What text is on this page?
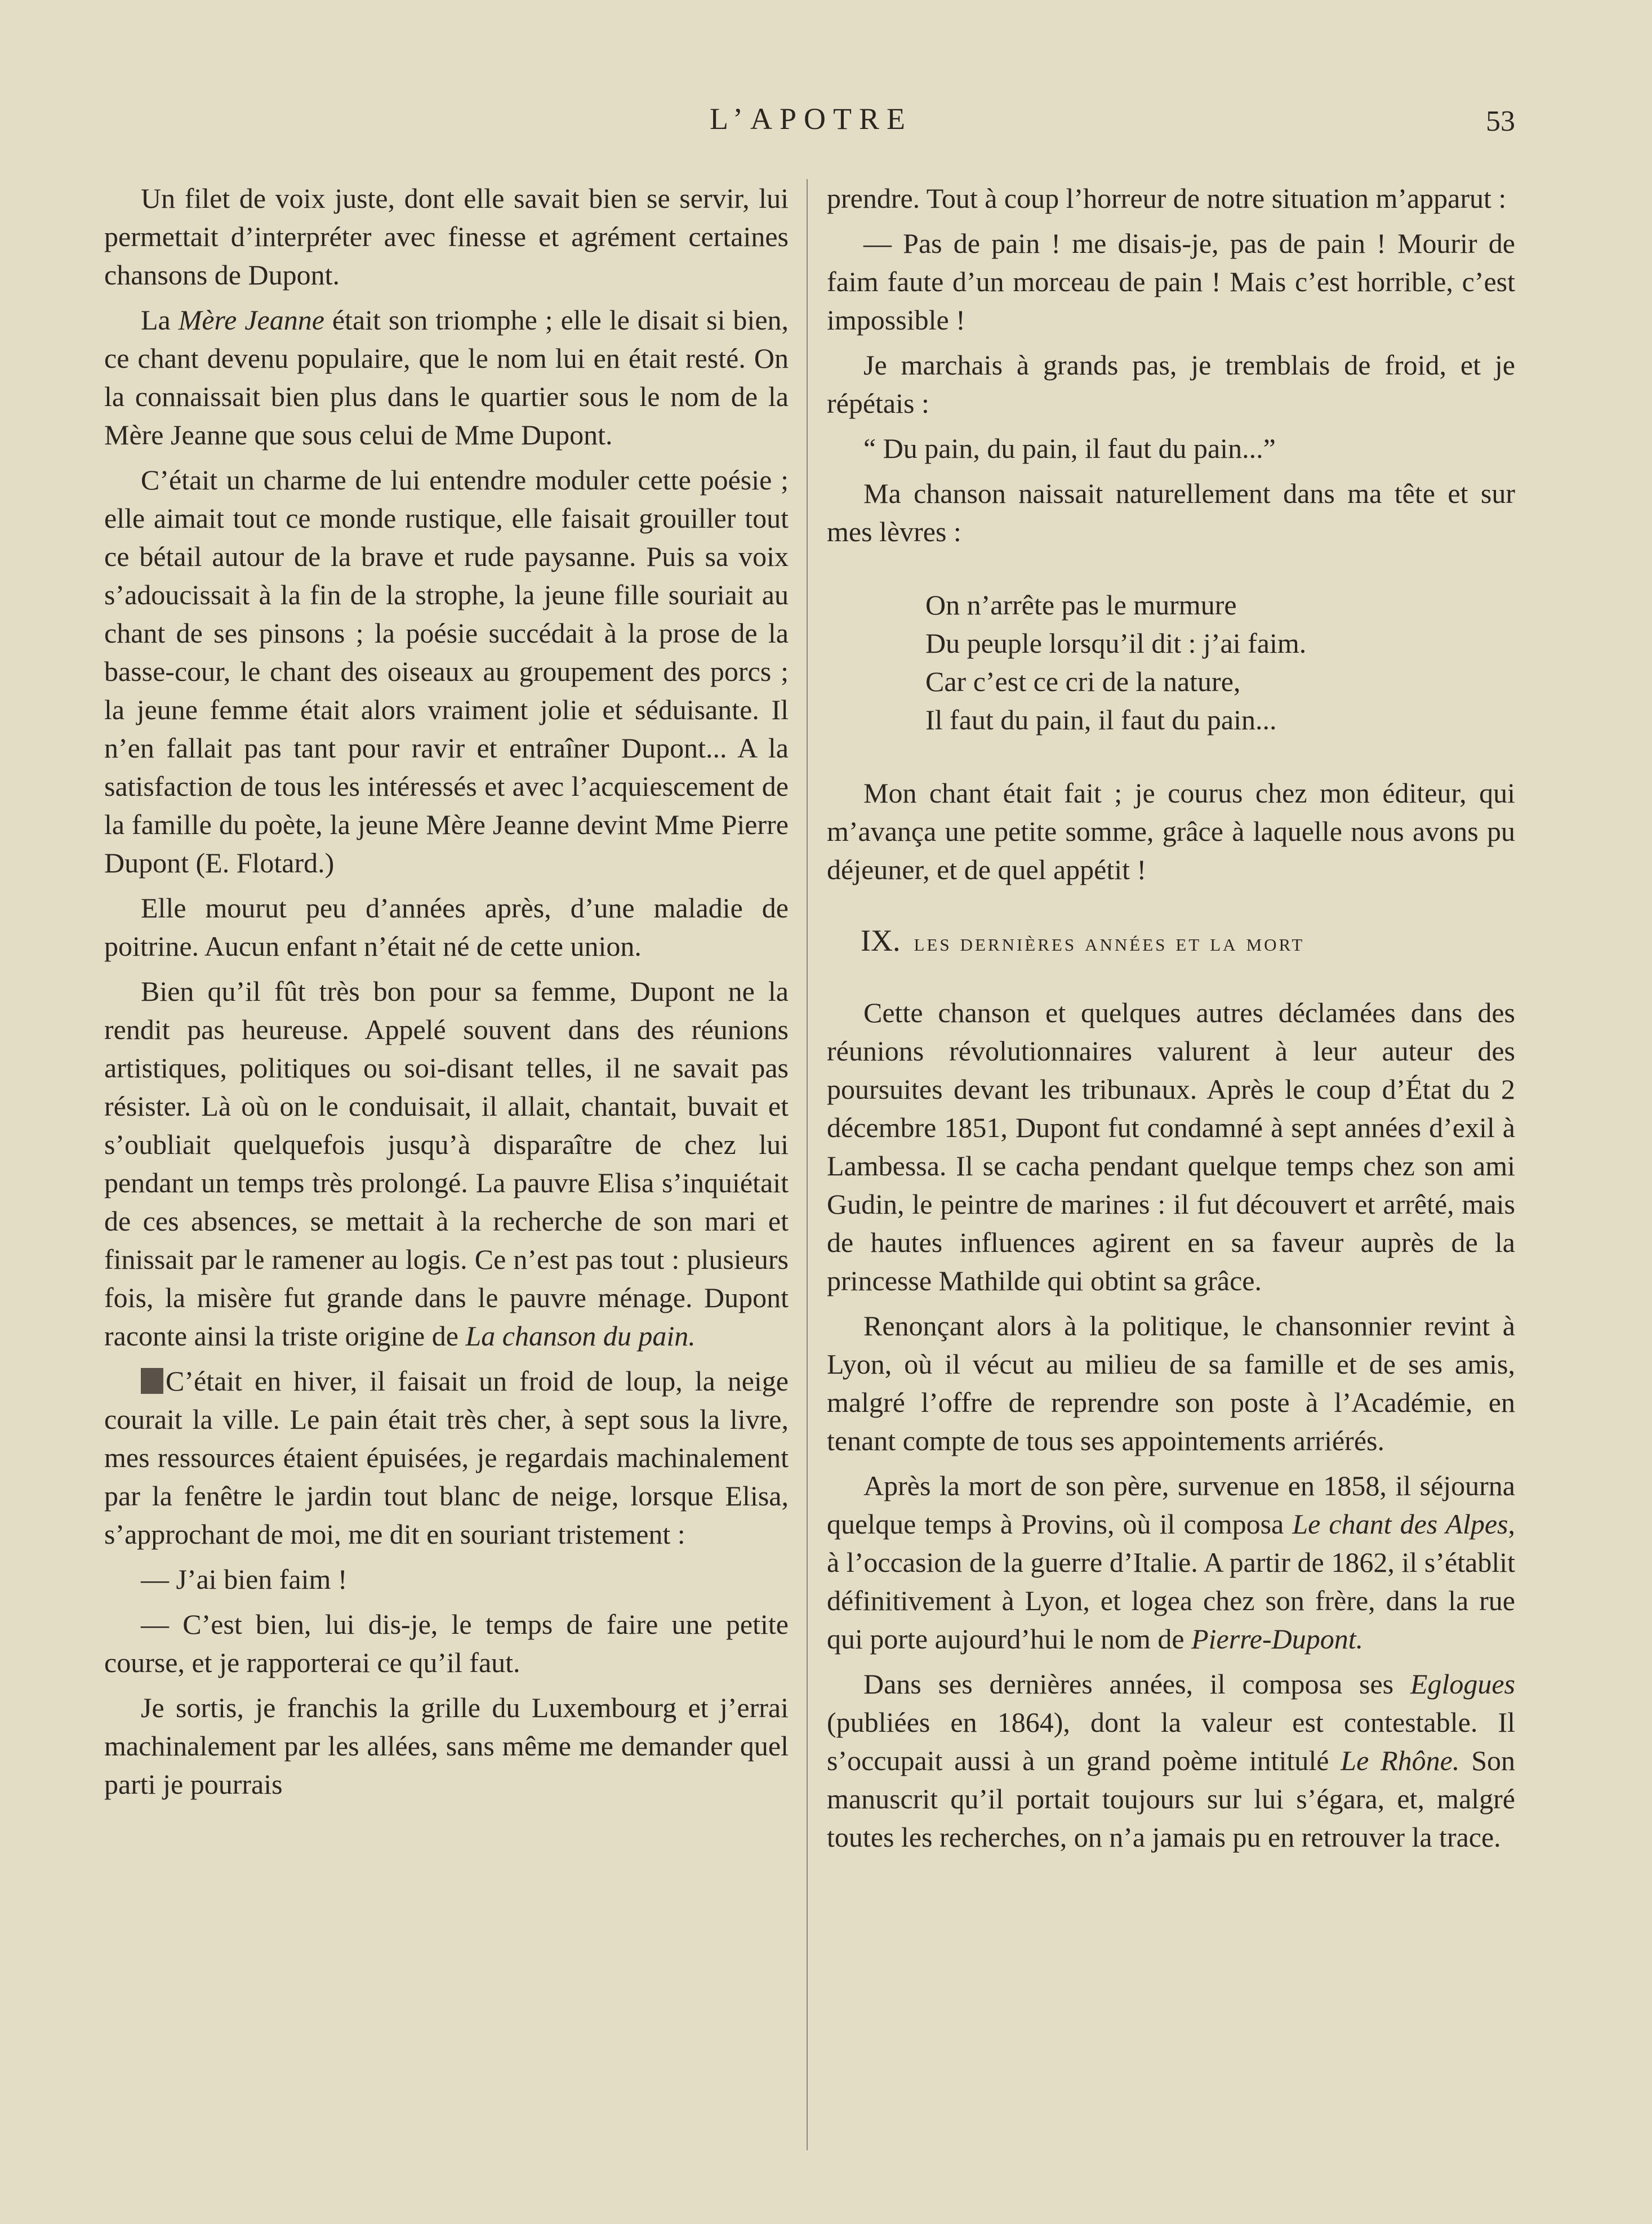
L’APOTRE	53

Un filet de voix juste, dont elle savait bien se servir, lui permettait d’interpréter avec finesse et agrément certaines chansons de Dupont.

La Mère Jeanne était son triomphe ; elle le disait si bien, ce chant devenu populaire, que le nom lui en était resté. On la connaissait bien plus dans le quartier sous le nom de la Mère Jeanne que sous celui de Mme Dupont.

C’était un charme de lui entendre moduler cette poésie ; elle aimait tout ce monde rustique, elle faisait grouiller tout ce bétail autour de la brave et rude paysanne. Puis sa voix s’adoucissait à la fin de la strophe, la jeune fille souriait au chant de ses pinsons ; la poésie succédait à la prose de la basse-cour, le chant des oiseaux au groupement des porcs ; la jeune femme était alors vraiment jolie et séduisante. Il n’en fallait pas tant pour ravir et entraîner Dupont... A la satisfaction de tous les intéressés et avec l’acquiescement de la famille du poète, la jeune Mère Jeanne devint Mme Pierre Dupont (E. Flotard.)

Elle mourut peu d’années après, d’une maladie de poitrine. Aucun enfant n’était né de cette union.

Bien qu’il fût très bon pour sa femme, Dupont ne la rendit pas heureuse. Appelé souvent dans des réunions artistiques, politiques ou soi-disant telles, il ne savait pas résister. Là où on le conduisait, il allait, chantait, buvait et s’oubliait quelquefois jusqu’à disparaître de chez lui pendant un temps très prolongé. La pauvre Elisa s’inquiétait de ces absences, se mettait à la recherche de son mari et finissait par le ramener au logis. Ce n’est pas tout : plusieurs fois, la misère fut grande dans le pauvre ménage. Dupont raconte ainsi la triste origine de La chanson du pain.

C’était en hiver, il faisait un froid de loup, la neige courait la ville. Le pain était très cher, à sept sous la livre, mes ressources étaient épuisées, je regardais machinalement par la fenêtre le jardin tout blanc de neige, lorsque Elisa, s’approchant de moi, me dit en souriant tristement :

— J’ai bien faim !

— C’est bien, lui dis-je, le temps de faire une petite course, et je rapporterai ce qu’il faut.

Je sortis, je franchis la grille du Luxembourg et j’errai machinalement par les allées, sans même me demander quel parti je pourrais

prendre. Tout à coup l’horreur de notre situation m’apparut :

— Pas de pain ! me disais-je, pas de pain ! Mourir de faim faute d’un morceau de pain ! Mais c’est horrible, c’est impossible !

Je marchais à grands pas, je tremblais de froid, et je répétais :

“ Du pain, du pain, il faut du pain...”

Ma chanson naissait naturellement dans ma tête et sur mes lèvres :

On n’arrête pas le murmure
Du peuple lorsqu’il dit : j’ai faim.
Car c’est ce cri de la nature,
Il faut du pain, il faut du pain...

Mon chant était fait ; je courus chez mon éditeur, qui m’avança une petite somme, grâce à laquelle nous avons pu déjeuner, et de quel appétit !

IX. les dernières années et la mort

Cette chanson et quelques autres déclamées dans des réunions révolutionnaires valurent à leur auteur des poursuites devant les tribunaux. Après le coup d’État du 2 décembre 1851, Dupont fut condamné à sept années d’exil à Lambessa. Il se cacha pendant quelque temps chez son ami Gudin, le peintre de marines : il fut découvert et arrêté, mais de hautes influences agirent en sa faveur auprès de la princesse Mathilde qui obtint sa grâce.

Renonçant alors à la politique, le chansonnier revint à Lyon, où il vécut au milieu de sa famille et de ses amis, malgré l’offre de reprendre son poste à l’Académie, en tenant compte de tous ses appointements arriérés.

Après la mort de son père, survenue en 1858, il séjourna quelque temps à Provins, où il composa Le chant des Alpes, à l’occasion de la guerre d’Italie. A partir de 1862, il s’établit définitivement à Lyon, et logea chez son frère, dans la rue qui porte aujourd’hui le nom de Pierre-Dupont.

Dans ses dernières années, il composa ses Eglogues (publiées en 1864), dont la valeur est contestable. Il s’occupait aussi à un grand poème intitulé Le Rhône. Son manuscrit qu’il portait toujours sur lui s’égara, et, malgré toutes les recherches, on n’a jamais pu en retrouver la trace.
